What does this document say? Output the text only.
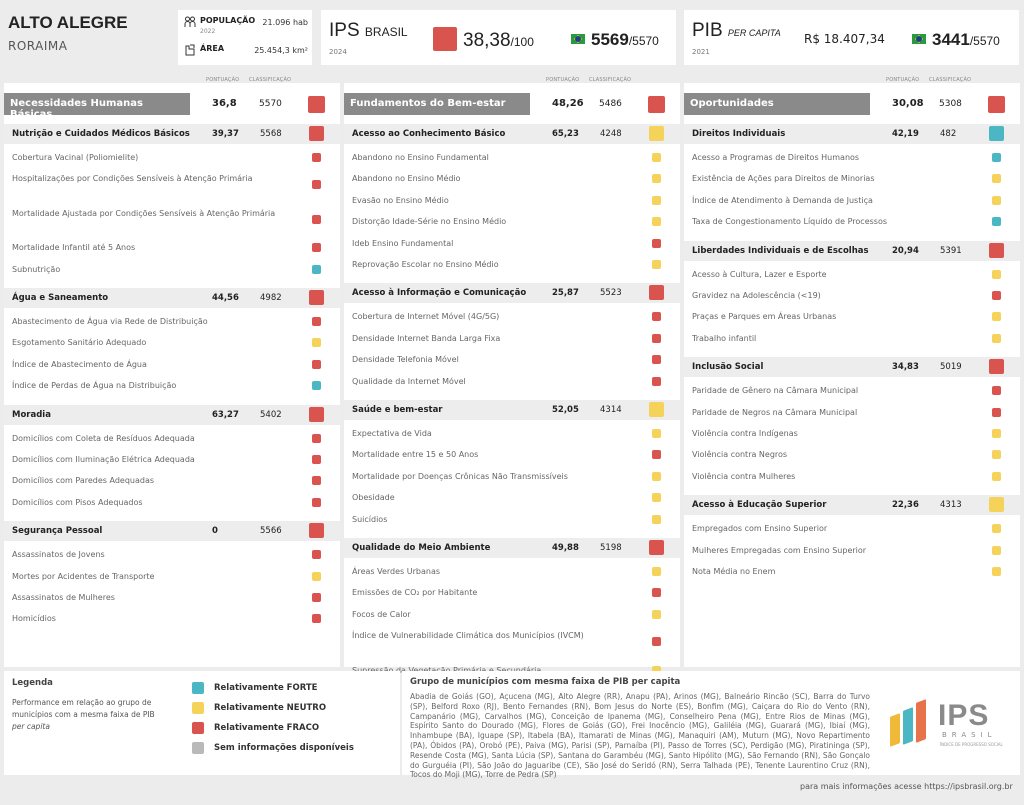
ALTO ALEGRE
RORAIMA
POPULAÇÃO
2022
21.096 hab
ÁREA	25.454,3 km²
IPS BRASIL
2024
38,38/100	5569/5570 PIB PER CAPITA
2021
R$ 18.407,34	3441/5570
PONTUAÇÃO CLASSIFICAÇÃO	PONTUAÇÃO CLASSIFICAÇÃO	PONTUAÇÃO CLASSIFICAÇÃO
Necessidades Humanas Básicas
36,8 5570
Nutrição e Cuidados Médicos Básicos	39,37 5568
Cobertura Vacinal (Poliomielite)
Hospitalizações por Condições Sensíveis à Atenção Primária
Mortalidade Ajustada por Condições Sensíveis à Atenção Primária
Mortalidade Infantil até 5 Anos
Subnutrição
Água e Saneamento	44,56 4982
Abastecimento de Água via Rede de Distribuição
Esgotamento Sanitário Adequado
Índice de Abastecimento de Água
Índice de Perdas de Água na Distribuição
Moradia	63,27 5402
Domicílios com Coleta de Resíduos Adequada
Domicílios com Iluminação Elétrica Adequada
Domicílios com Paredes Adequadas
Domicílios com Pisos Adequados
Segurança Pessoal	0	5566
Assassinatos de Jovens
Mortes por Acidentes de Transporte
Assassinatos de Mulheres
Homicídios
Fundamentos do Bem-estar	48,26 5486
Acesso ao Conhecimento Básico	65,23 4248
Abandono no Ensino Fundamental
Abandono no Ensino Médio
Evasão no Ensino Médio
Distorção Idade-Série no Ensino Médio
Ideb Ensino Fundamental
Reprovação Escolar no Ensino Médio
Acesso à Informação e Comunicação	25,87 5523
Cobertura de Internet Móvel (4G/5G)
Densidade Internet Banda Larga Fixa
Densidade Telefonia Móvel
Qualidade da Internet Móvel
Saúde e bem-estar	52,05 4314
Expectativa de Vida
Mortalidade entre 15 e 50 Anos
Mortalidade por Doenças Crônicas Não Transmissíveis
Obesidade
Suicídios
Qualidade do Meio Ambiente	49,88 5198
Áreas Verdes Urbanas
Emissões de CO₂ por Habitante
Focos de Calor
Índice de Vulnerabilidade Climática dos Municípios (IVCM)
da
Oportunidades	30,08 5308
Direitos Individuais	42,19 482
Acesso a Programas de Direitos Humanos
Existência de Ações para Direitos de Minorias
Índice de Atendimento à Demanda de Justiça
Taxa de Congestionamento Líquido de Processos
Liberdades Individuais e de Escolhas	20,94 5391
Acesso à Cultura, Lazer e Esporte
Gravidez na Adolescência (<19)
Praças e Parques em Áreas Urbanas
Trabalho infantil
Inclusão Social	34,83 5019
Paridade de Gênero na Câmara Municipal
Paridade de Negros na Câmara Municipal
Violência contra Indígenas
Violência contra Negros
Violência contra Mulheres
Acesso à Educação Superior	22,36 4313
Empregados com Ensino Superior
Mulheres Empregadas com Ensino Superior
Nota Média no Enem
Legenda
Performance em relação ao grupo de municípios com a mesma faixa de PIB per capita
Relativamente FORTE
Relativamente NEUTRO
Relativamente FRACO
Sem informações disponíveis
Grupo de municípios com mesma faixa de PIB per capita
Abadia de Goiás (GO), Açucena (MG), Alto Alegre (RR), Anapu (PA), Arinos (MG), Balneário Rincão (SC), Barra do Turvo (SP), Belford Roxo (RJ), Bento Fernandes (RN), Bom Jesus do Norte (ES), Bonfim (MG), Caiçara do Rio do Vento (RN), Campanário (MG), Carvalhos (MG), Conceição de Ipanema (MG), Conselheiro Pena (MG), Entre Rios de Minas (MG), Espírito Santo do Dourado (MG), Flores de Goiás (GO), Frei Inocêncio (MG), Galiléia (MG), Guarará (MG), Ibiaí (MG), Inhambupe (BA), Iguape (SP), Itabela (BA), Itamarati de Minas (MG), Manaquiri (AM), Muturn (MG), Novo Repartimento (PA), Óbidos (PA), Orobó (PE), Paiva (MG), Parisi (SP), Parnaíba (PI), Passo de Torres (SC), Perdigão (MG), Piratininga (SP), Resende Costa (MG), Santa Lúcia (SP), Santana do Garambéu (MG), Santo Hipólito (MG), São Fernando (RN), São Gonçalo do Gurguéia (PI), São João do Jaguaribe (CE), São José do Seridó (RN), Serra Talhada (PE), Tenente Laurentino Cruz (RN), Tocos do Moji (MG), Torre de Pedra (SP)
IPS
BRASIL
ÍNDICE DE PROGRESSO SOCIAL
para mais informações acesse https://ipsbrasil.org.br
